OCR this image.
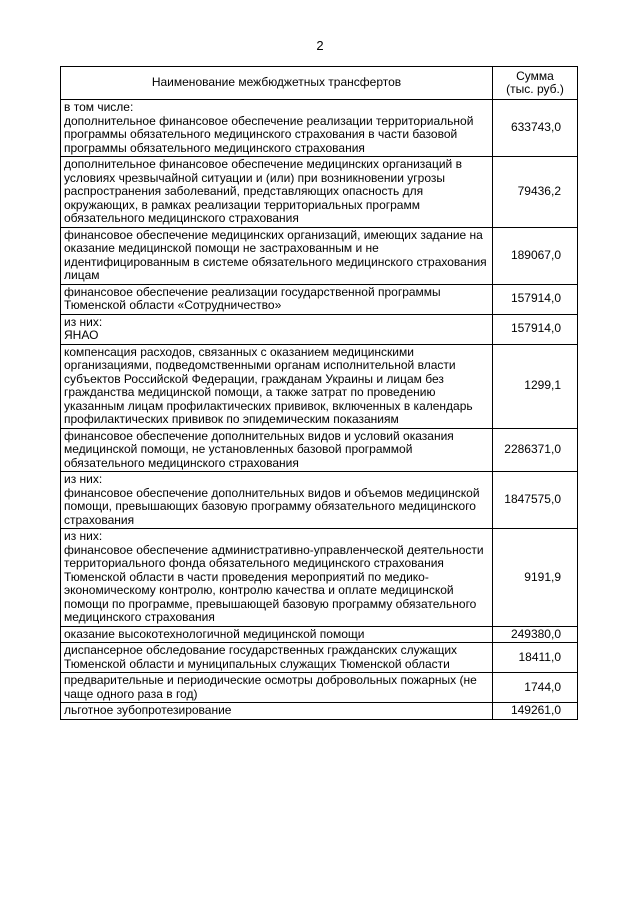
2
Наименование межбюджетных трансфертов	Сумма
(тыс. руб.)

в том числе:
дополнительное финансовое обеспечение реализации территориальной программы обязательного медицинского страхования в части базовой программы обязательного медицинского страхования	633743,0
дополнительное финансовое обеспечение медицинских организаций в условиях чрезвычайной ситуации и (или) при возникновении угрозы распространения заболеваний, представляющих опасность для окружающих, в рамках реализации территориальных программ обязательного медицинского страхования	79436,2
финансовое обеспечение медицинских организаций, имеющих задание на оказание медицинской помощи не застрахованным и не идентифицированным в системе обязательного медицинского страхования лицам	189067,0
финансовое обеспечение реализации государственной программы Тюменской области «Сотрудничество»	157914,0

из них:
ЯНАО	157914,0
компенсация расходов, связанных с оказанием медицинскими организациями, подведомственными органам исполнительной власти субъектов Российской Федерации, гражданам Украины и лицам без гражданства медицинской помощи, а также затрат по проведению указанным лицам профилактических прививок, включенных в календарь профилактических прививок по эпидемическим показаниям	1299,1
финансовое обеспечение дополнительных видов и условий оказания медицинской помощи, не установленных базовой программой обязательного медицинского страхования	2286371,0

из них:
финансовое обеспечение дополнительных видов и объемов медицинской помощи, превышающих базовую программу обязательного медицинского страхования	1847575,0

из них:
финансовое обеспечение административно-управленческой деятельности территориального фонда обязательного медицинского страхования Тюменской области в части проведения мероприятий по медико-экономическому контролю, контролю качества и оплате медицинской помощи по программе, превышающей базовую программу обязательного медицинского страхования	9191,9
оказание высокотехнологичной медицинской помощи	249380,0
диспансерное обследование государственных гражданских служащих Тюменской области и муниципальных служащих Тюменской области	18411,0
предварительные и периодические осмотры добровольных пожарных (не чаще одного раза в год)	1744,0
льготное зубопротезирование	149261,0
